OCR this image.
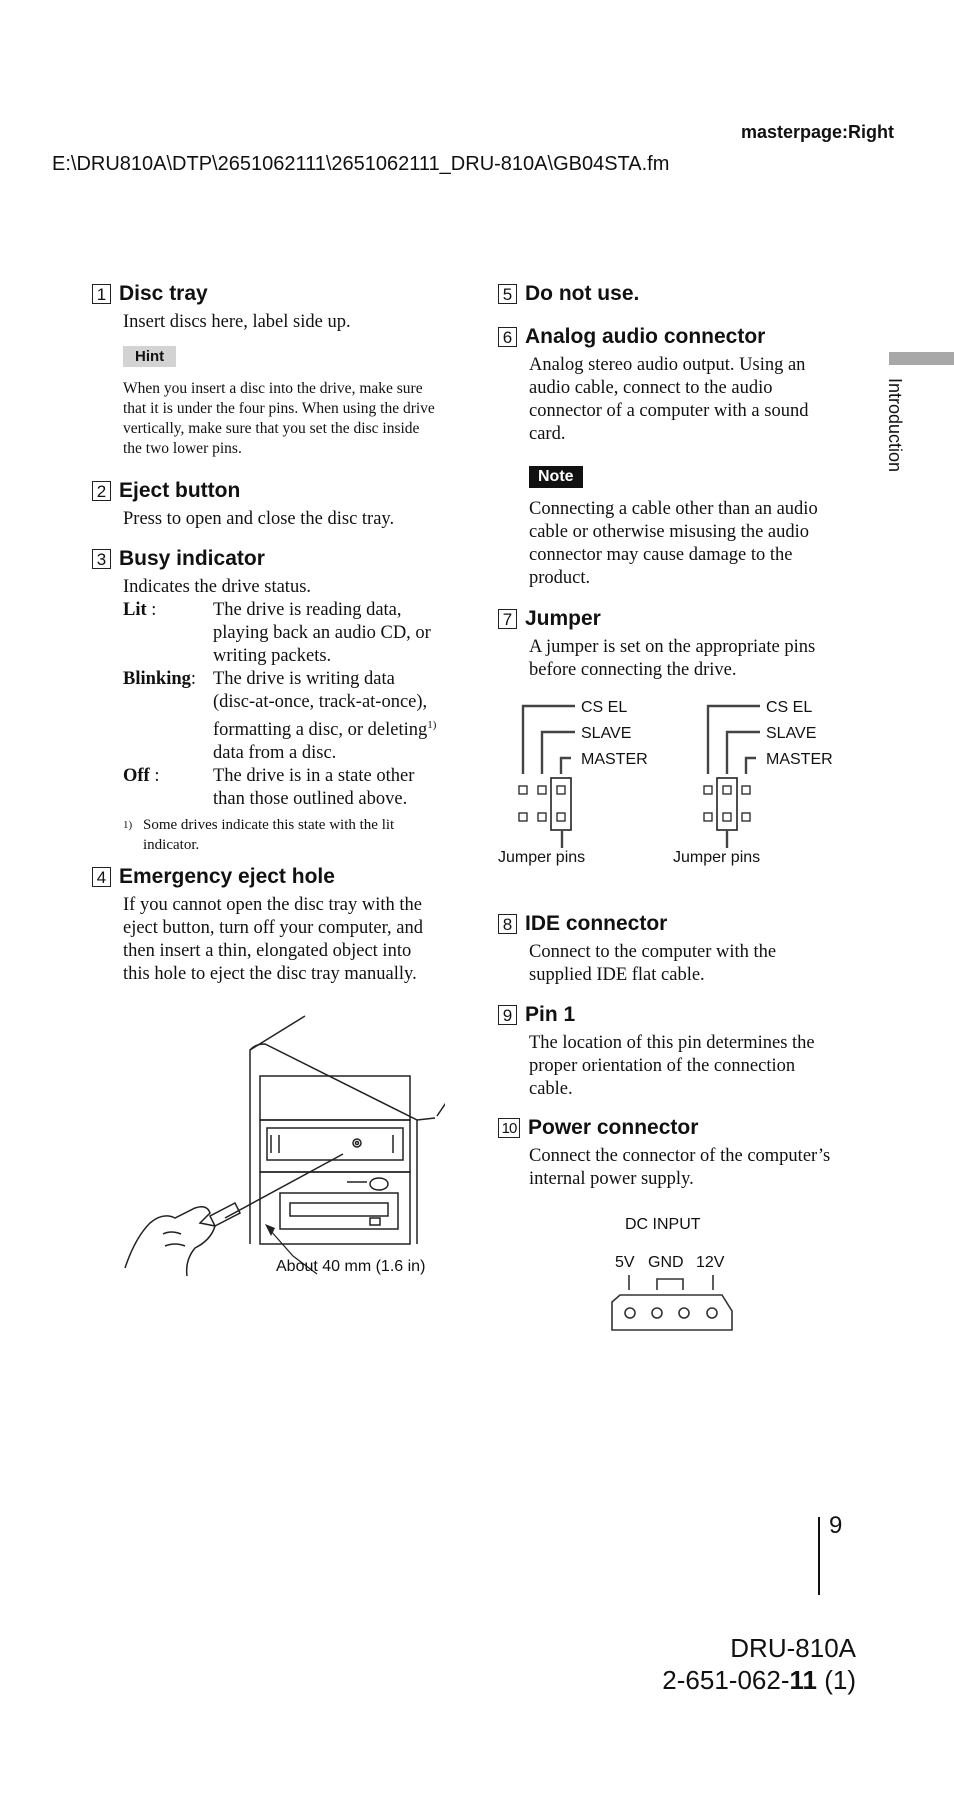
masterpage:Right
E:\DRU810A\DTP\2651062111\2651062111_DRU-810A\GB04STA.fm
Introduction
1 Disc tray
Insert discs here, label side up.
Hint
When you insert a disc into the drive, make sure that it is under the four pins. When using the drive vertically, make sure that you set the disc inside the two lower pins.
2 Eject button
Press to open and close the disc tray.
3 Busy indicator
Indicates the drive status.
Lit :	The drive is reading data, playing back an audio CD, or writing packets.
Blinking:	The drive is writing data (disc-at-once, track-at-once), formatting a disc, or deleting$^{1)}$ data from a disc.
Off :	The drive is in a state other than those outlined above.
1) Some drives indicate this state with the lit indicator.
4 Emergency eject hole
If you cannot open the disc tray with the eject button, turn off your computer, and then insert a thin, elongated object into this hole to eject the disc tray manually.
About 40 mm (1.6 in)
5 Do not use.
6 Analog audio connector
Analog stereo audio output. Using an audio cable, connect to the audio connector of a computer with a sound card.
Note
Connecting a cable other than an audio cable or otherwise misusing the audio connector may cause damage to the product.
7 Jumper
A jumper is set on the appropriate pins before connecting the drive.
CS EL
SLAVE
MASTER
Jumper pins
CS EL
SLAVE
MASTER
Jumper pins
8 IDE connector
Connect to the computer with the supplied IDE flat cable.
9 Pin 1
The location of this pin determines the proper orientation of the connection cable.
10 Power connector
Connect the connector of the computer’s internal power supply.
DC INPUT
5V GND 12V
9
DRU-810A
2-651-062-11 (1)
